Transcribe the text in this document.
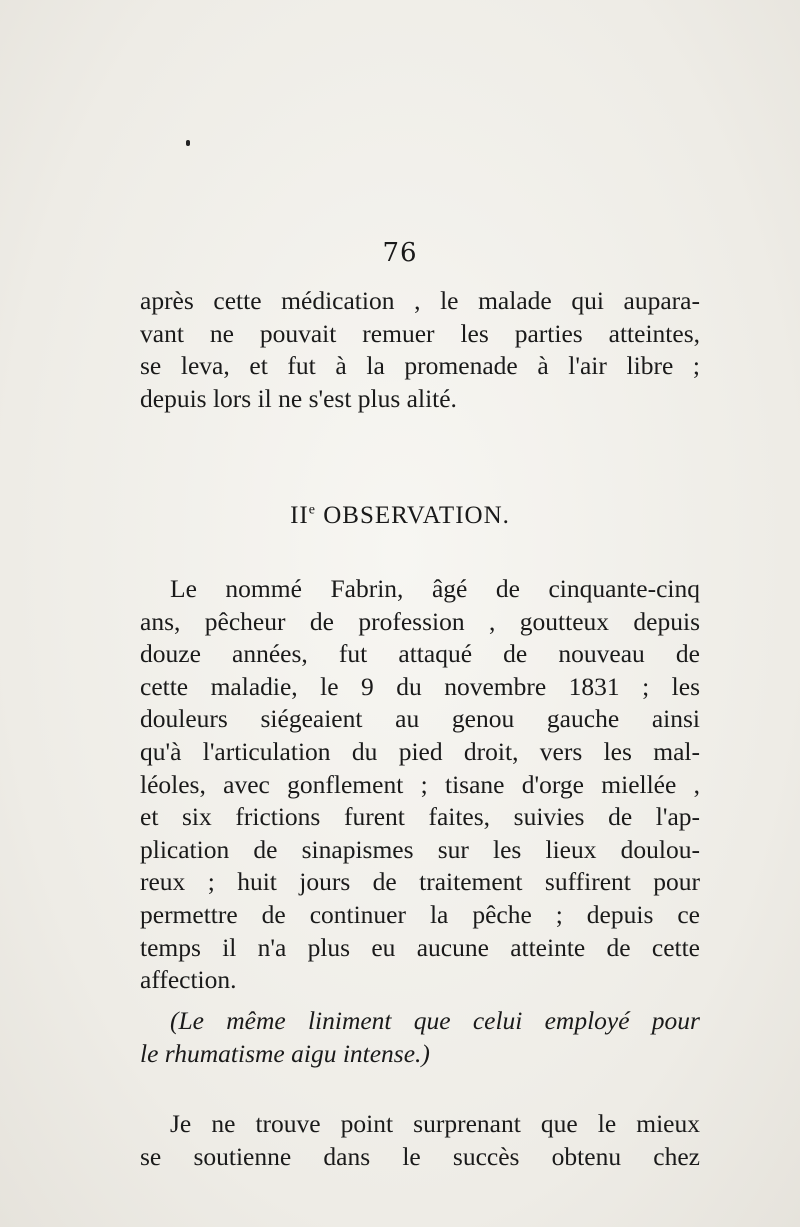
76
après cette médication , le malade qui aupara-
vant ne pouvait remuer les parties atteintes,
se leva, et fut à la promenade à l'air libre ;
depuis lors il ne s'est plus alité.
IIe OBSERVATION.
Le nommé Fabrin, âgé de cinquante-cinq
ans, pêcheur de profession , goutteux depuis
douze années, fut attaqué de nouveau de
cette maladie, le 9 du novembre 1831 ; les
douleurs siégeaient au genou gauche ainsi
qu'à l'articulation du pied droit, vers les mal-
léoles, avec gonflement ; tisane d'orge miellée ,
et six frictions furent faites, suivies de l'ap-
plication de sinapismes sur les lieux doulou-
reux ; huit jours de traitement suffirent pour
permettre de continuer la pêche ; depuis ce
temps il n'a plus eu aucune atteinte de cette
affection.
(Le même liniment que celui employé pour
le rhumatisme aigu intense.)
Je ne trouve point surprenant que le mieux
se soutienne dans le succès obtenu chez
